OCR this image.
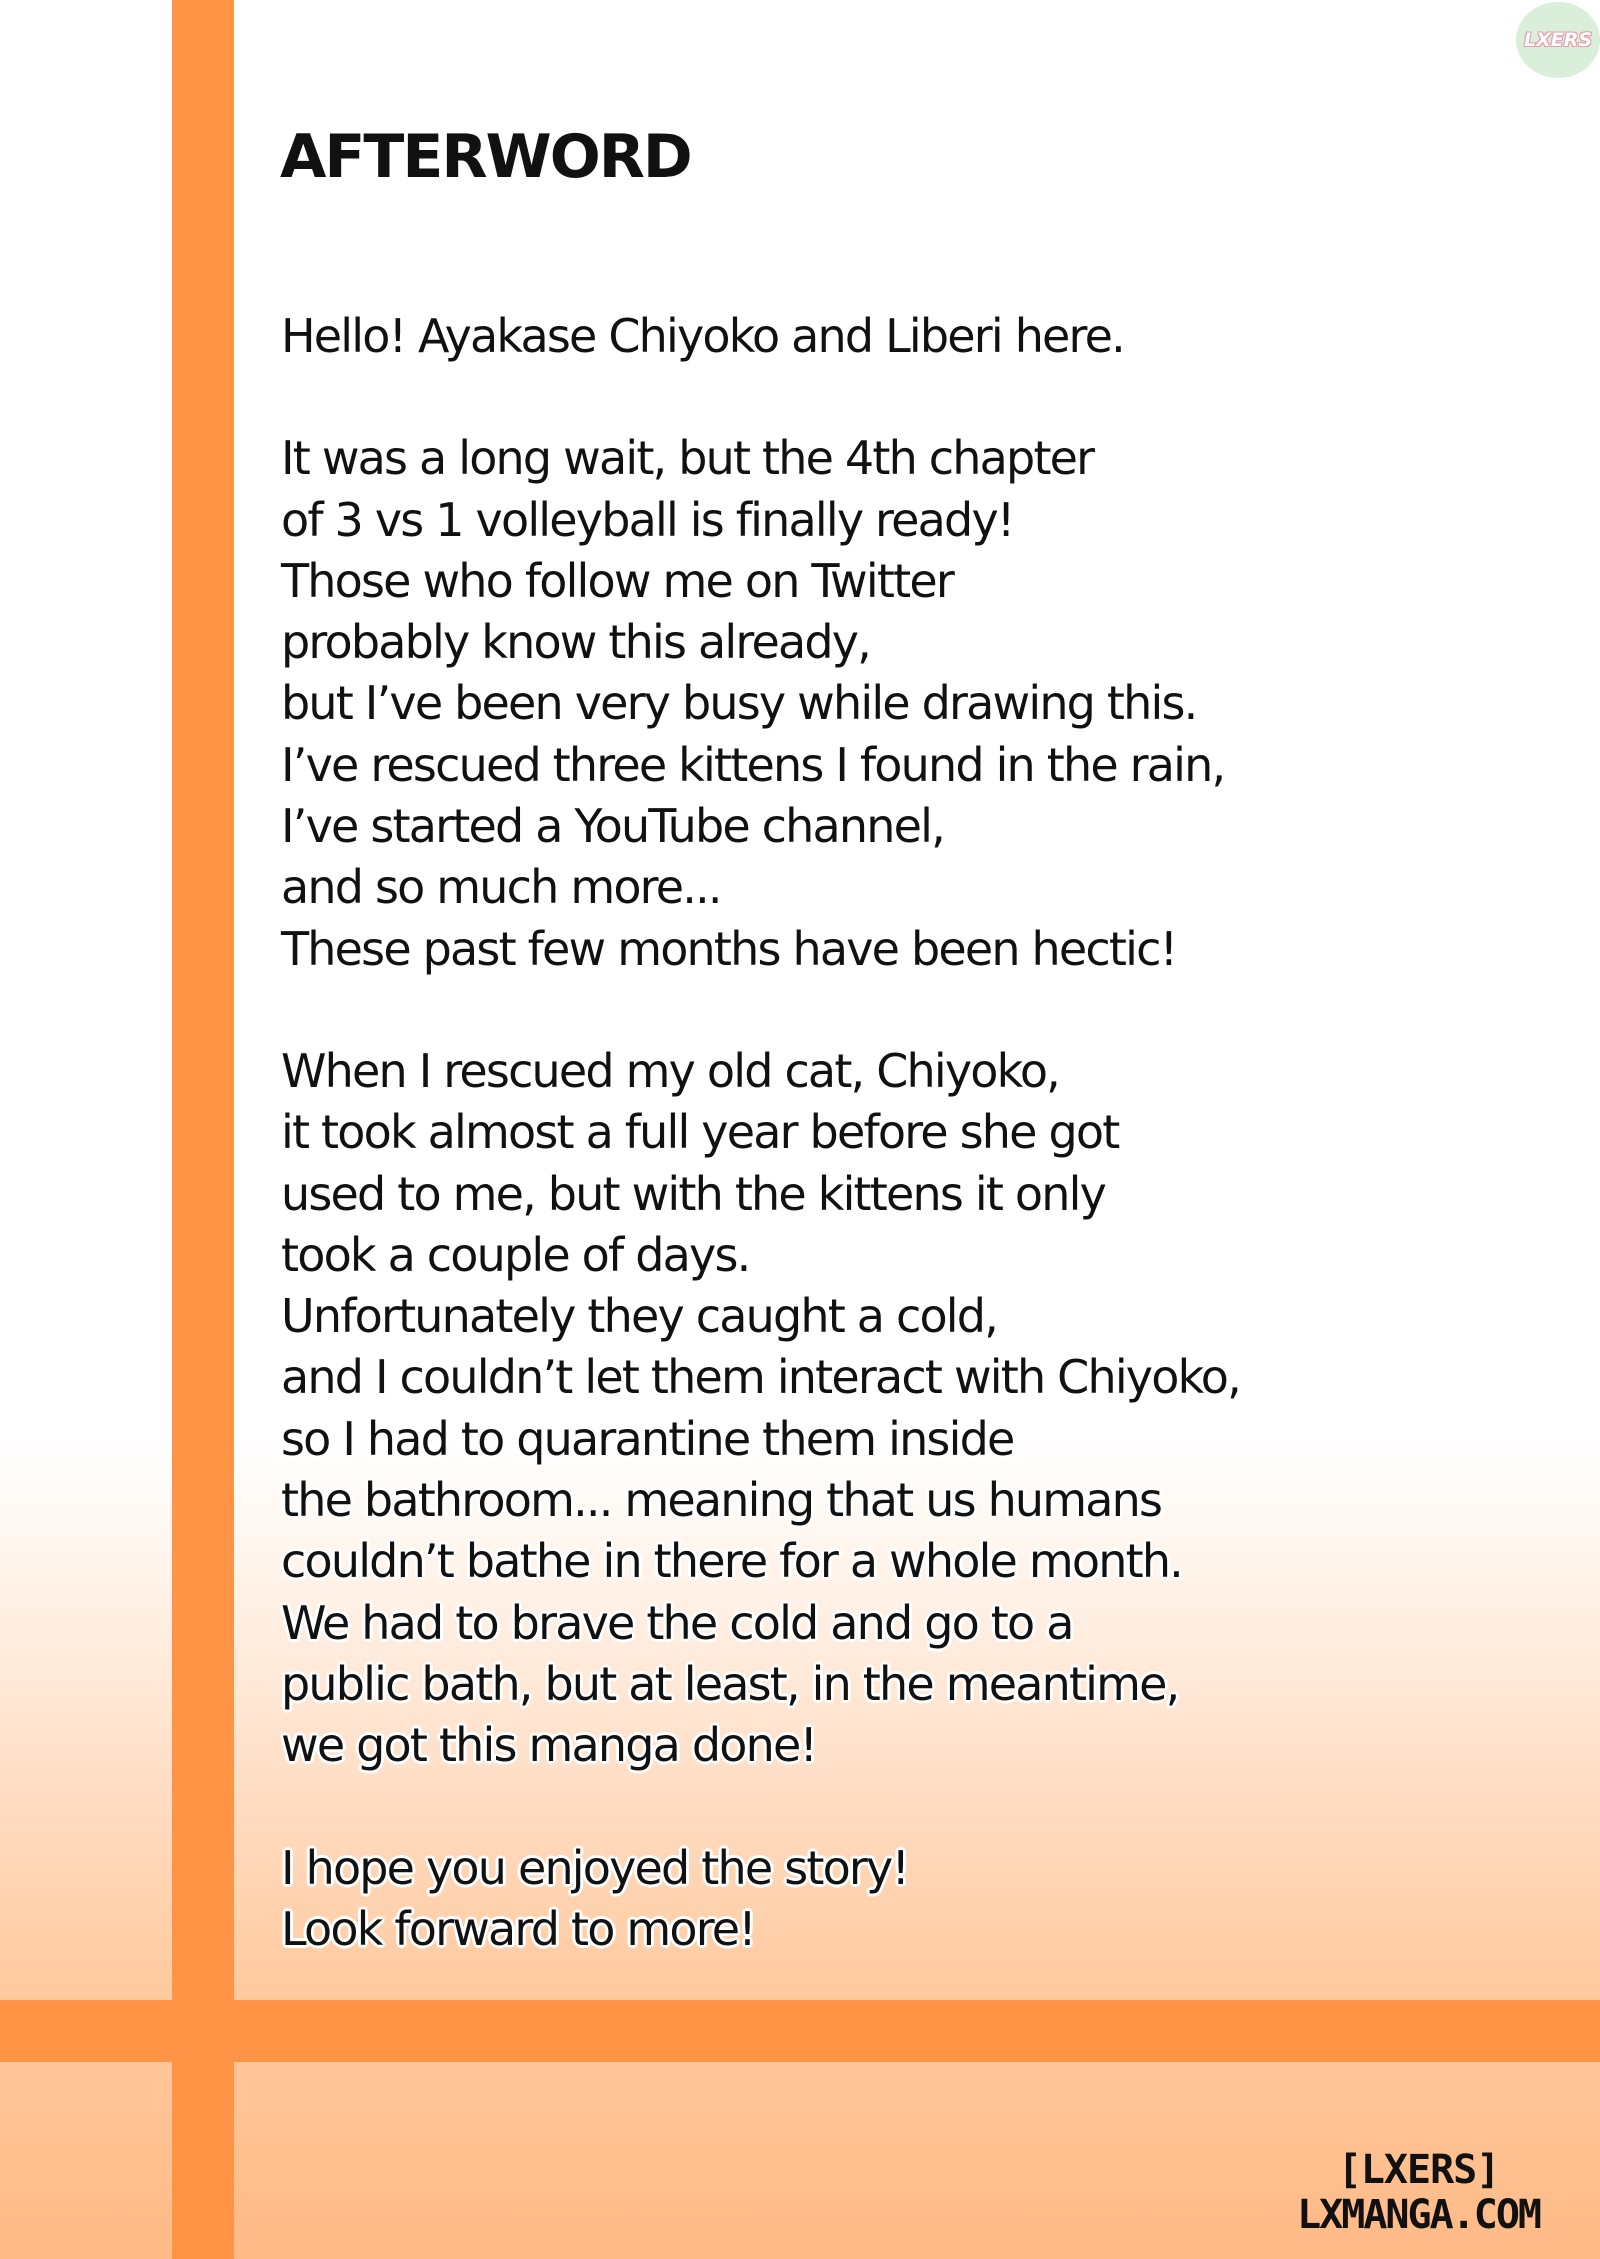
LXERS
AFTERWORD

Hello! Ayakase Chiyoko and Liberi here.

It was a long wait, but the 4th chapter
of 3 vs 1 volleyball is finally ready!
Those who follow me on Twitter
probably know this already,
but I’ve been very busy while drawing this.
I’ve rescued three kittens I found in the rain,
I’ve started a YouTube channel,
and so much more...
These past few months have been hectic!

When I rescued my old cat, Chiyoko,
it took almost a full year before she got
used to me, but with the kittens it only
took a couple of days.
Unfortunately they caught a cold,
and I couldn’t let them interact with Chiyoko,
so I had to quarantine them inside
the bathroom... meaning that us humans
couldn’t bathe in there for a whole month.
We had to brave the cold and go to a
public bath, but at least, in the meantime,
we got this manga done!

I hope you enjoyed the story!
Look forward to more!

[LXERS]
LXMANGA.COM
